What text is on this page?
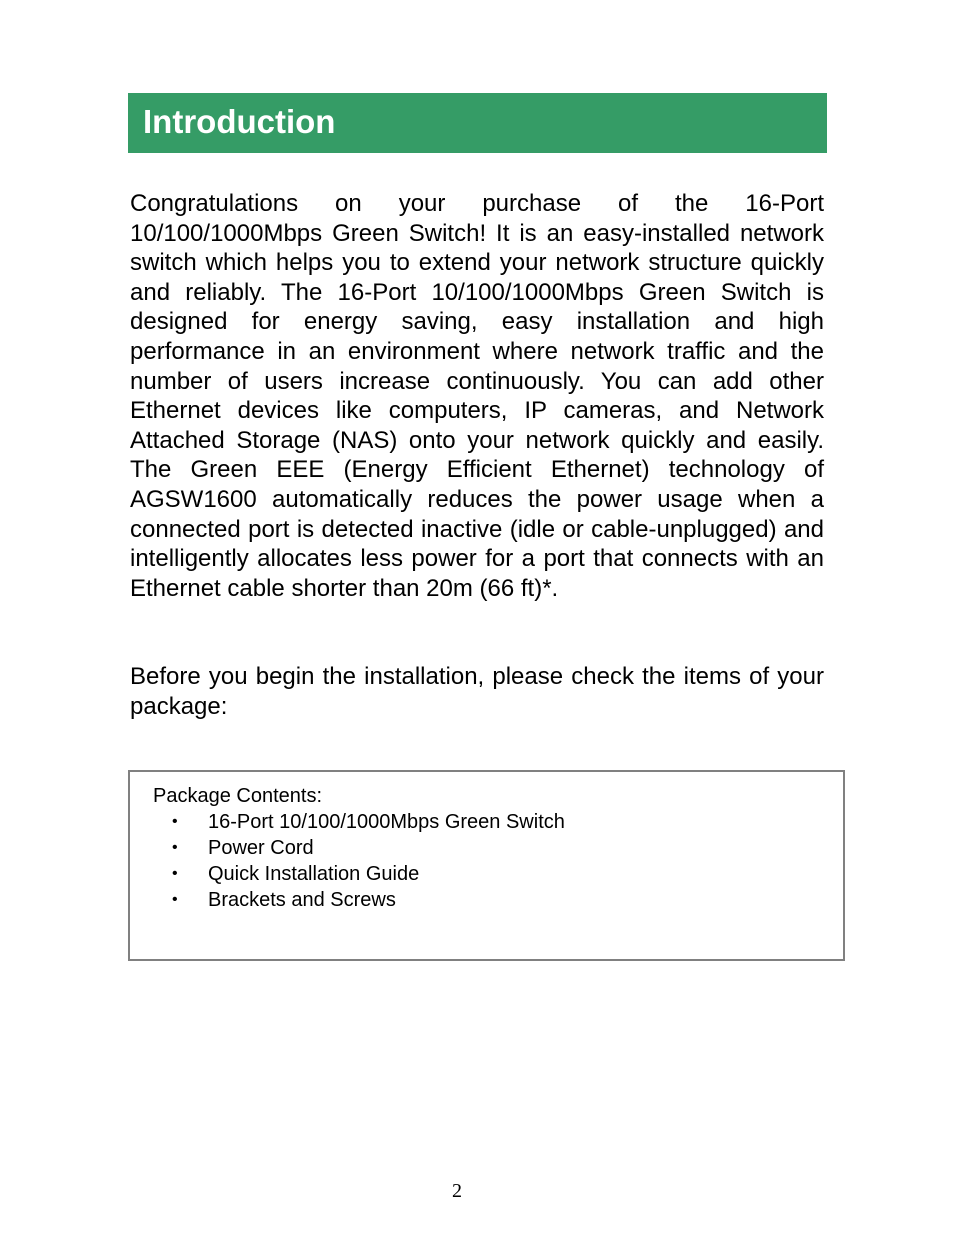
Introduction

Congratulations on your purchase of the 16-Port 10/100/1000Mbps Green Switch! It is an easy-installed network switch which helps you to extend your network structure quickly and reliably. The 16-Port 10/100/1000Mbps Green Switch is designed for energy saving, easy installation and high performance in an environment where network traffic and the number of users increase continuously. You can add other Ethernet devices like computers, IP cameras, and Network Attached Storage (NAS) onto your network quickly and easily. The Green EEE (Energy Efficient Ethernet) technology of AGSW1600 automatically reduces the power usage when a connected port is detected inactive (idle or cable-unplugged) and intelligently allocates less power for a port that connects with an Ethernet cable shorter than 20m (66 ft)*.

Before you begin the installation, please check the items of your package:

Package Contents:
• 16-Port 10/100/1000Mbps Green Switch
• Power Cord
• Quick Installation Guide
• Brackets and Screws
2
